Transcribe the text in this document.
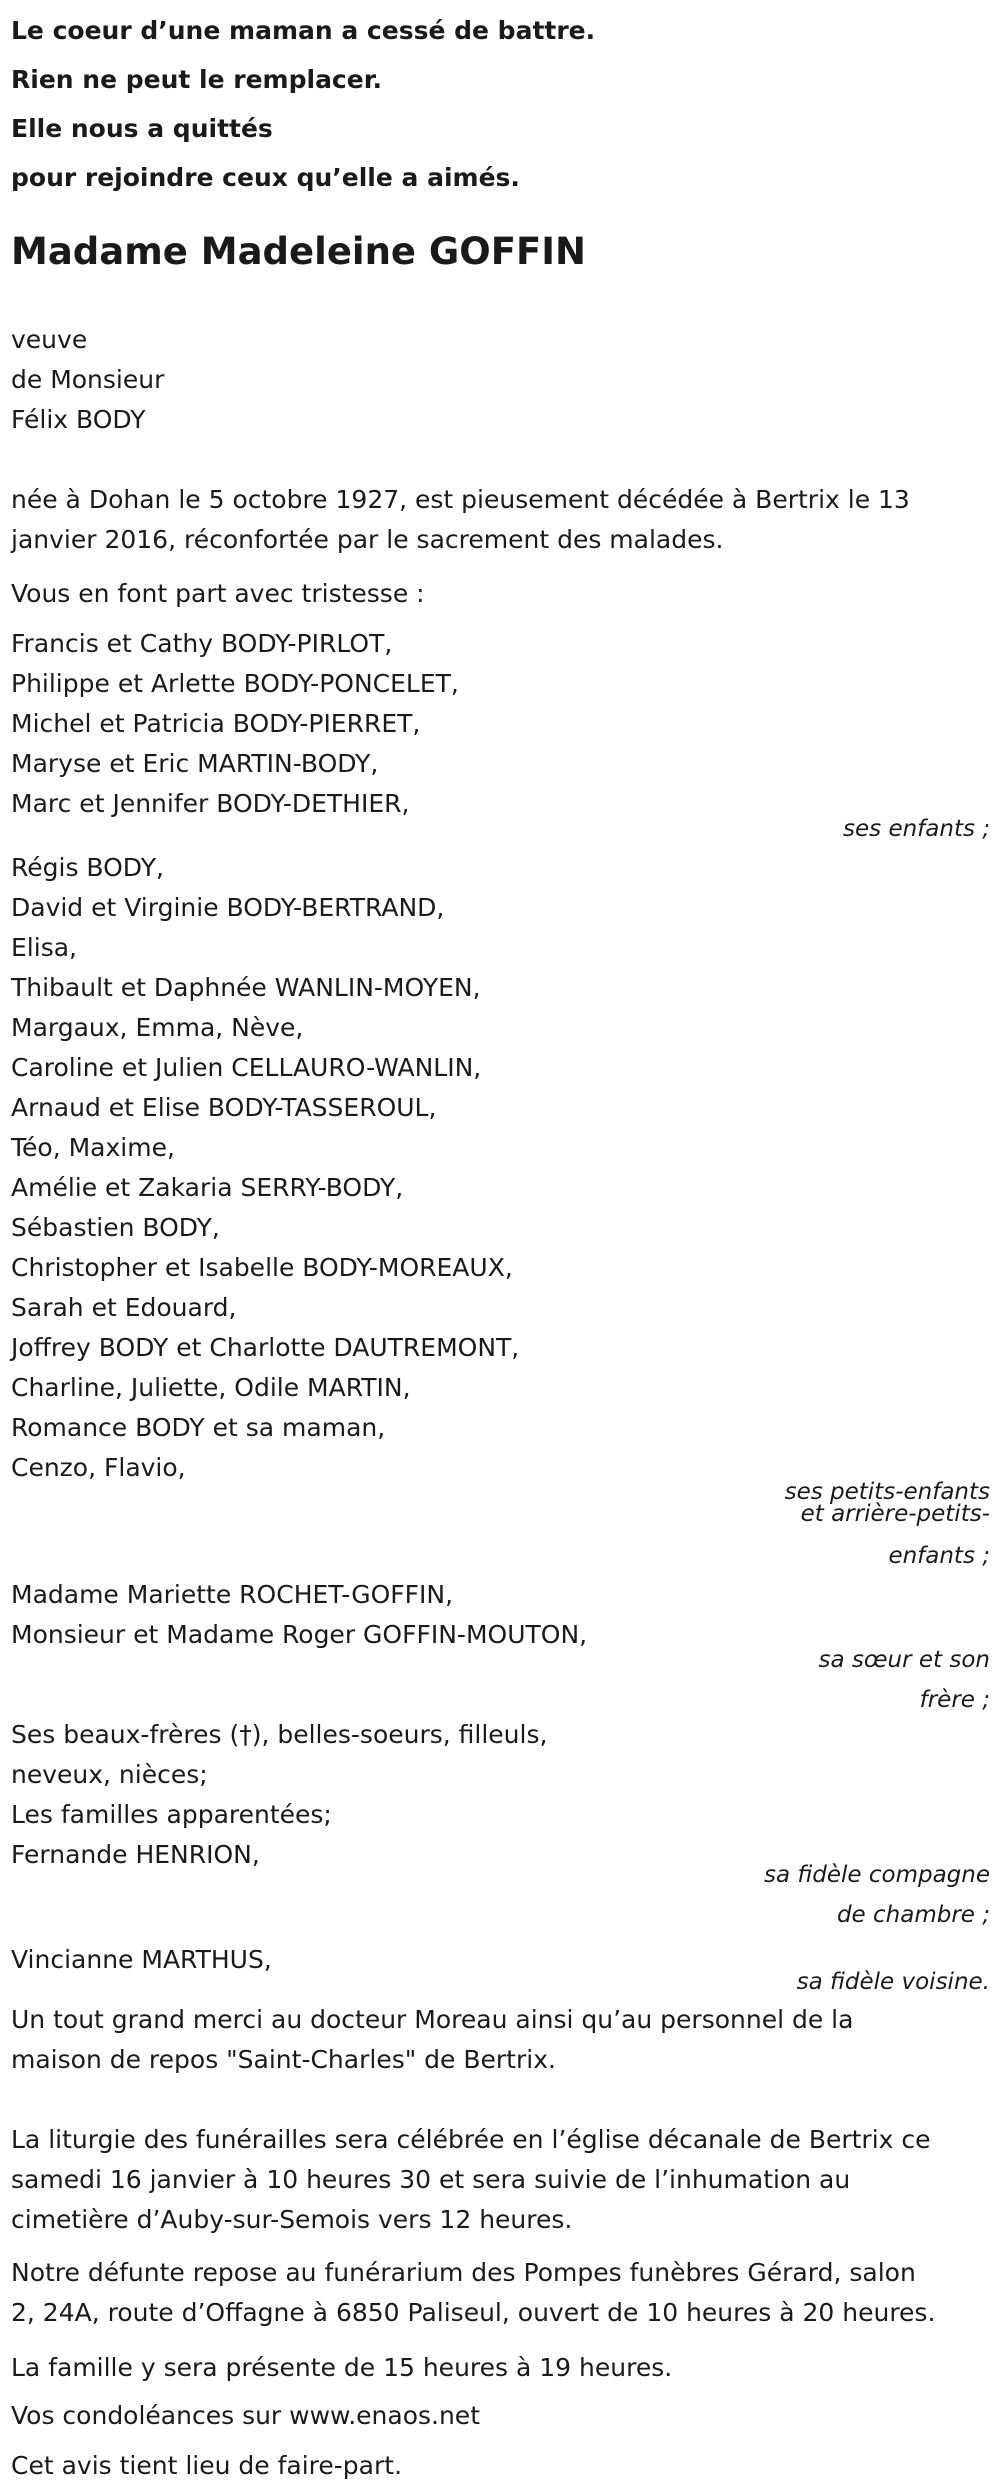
Le coeur d’une maman a cessé de battre.
Rien ne peut le remplacer.
Elle nous a quittés
pour rejoindre ceux qu’elle a aimés.
Madame Madeleine GOFFIN
veuve
de Monsieur
Félix BODY
née à Dohan le 5 octobre 1927, est pieusement décédée à Bertrix le 13
janvier 2016, réconfortée par le sacrement des malades.
Vous en font part avec tristesse :
Francis et Cathy BODY-PIRLOT,
Philippe et Arlette BODY-PONCELET,
Michel et Patricia BODY-PIERRET,
Maryse et Eric MARTIN-BODY,
Marc et Jennifer BODY-DETHIER,
ses enfants ;
Régis BODY,
David et Virginie BODY-BERTRAND,
Elisa,
Thibault et Daphnée WANLIN-MOYEN,
Margaux, Emma, Nève,
Caroline et Julien CELLAURO-WANLIN,
Arnaud et Elise BODY-TASSEROUL,
Téo, Maxime,
Amélie et Zakaria SERRY-BODY,
Sébastien BODY,
Christopher et Isabelle BODY-MOREAUX,
Sarah et Edouard,
Joffrey BODY et Charlotte DAUTREMONT,
Charline, Juliette, Odile MARTIN,
Romance BODY et sa maman,
Cenzo, Flavio,
ses petits-enfants
et arrière-petits-
enfants ;
Madame Mariette ROCHET-GOFFIN,
Monsieur et Madame Roger GOFFIN-MOUTON,
sa sœur et son
frère ;
Ses beaux-frères (†), belles-soeurs, filleuls,
neveux, nièces;
Les familles apparentées;
Fernande HENRION,
sa fidèle compagne
de chambre ;
Vincianne MARTHUS,
sa fidèle voisine.
Un tout grand merci au docteur Moreau ainsi qu’au personnel de la
maison de repos "Saint-Charles" de Bertrix.
La liturgie des funérailles sera célébrée en l’église décanale de Bertrix ce
samedi 16 janvier à 10 heures 30 et sera suivie de l’inhumation au
cimetière d’Auby-sur-Semois vers 12 heures.
Notre défunte repose au funérarium des Pompes funèbres Gérard, salon
2, 24A, route d’Offagne à 6850 Paliseul, ouvert de 10 heures à 20 heures.
La famille y sera présente de 15 heures à 19 heures.
Vos condoléances sur www.enaos.net
Cet avis tient lieu de faire-part.
